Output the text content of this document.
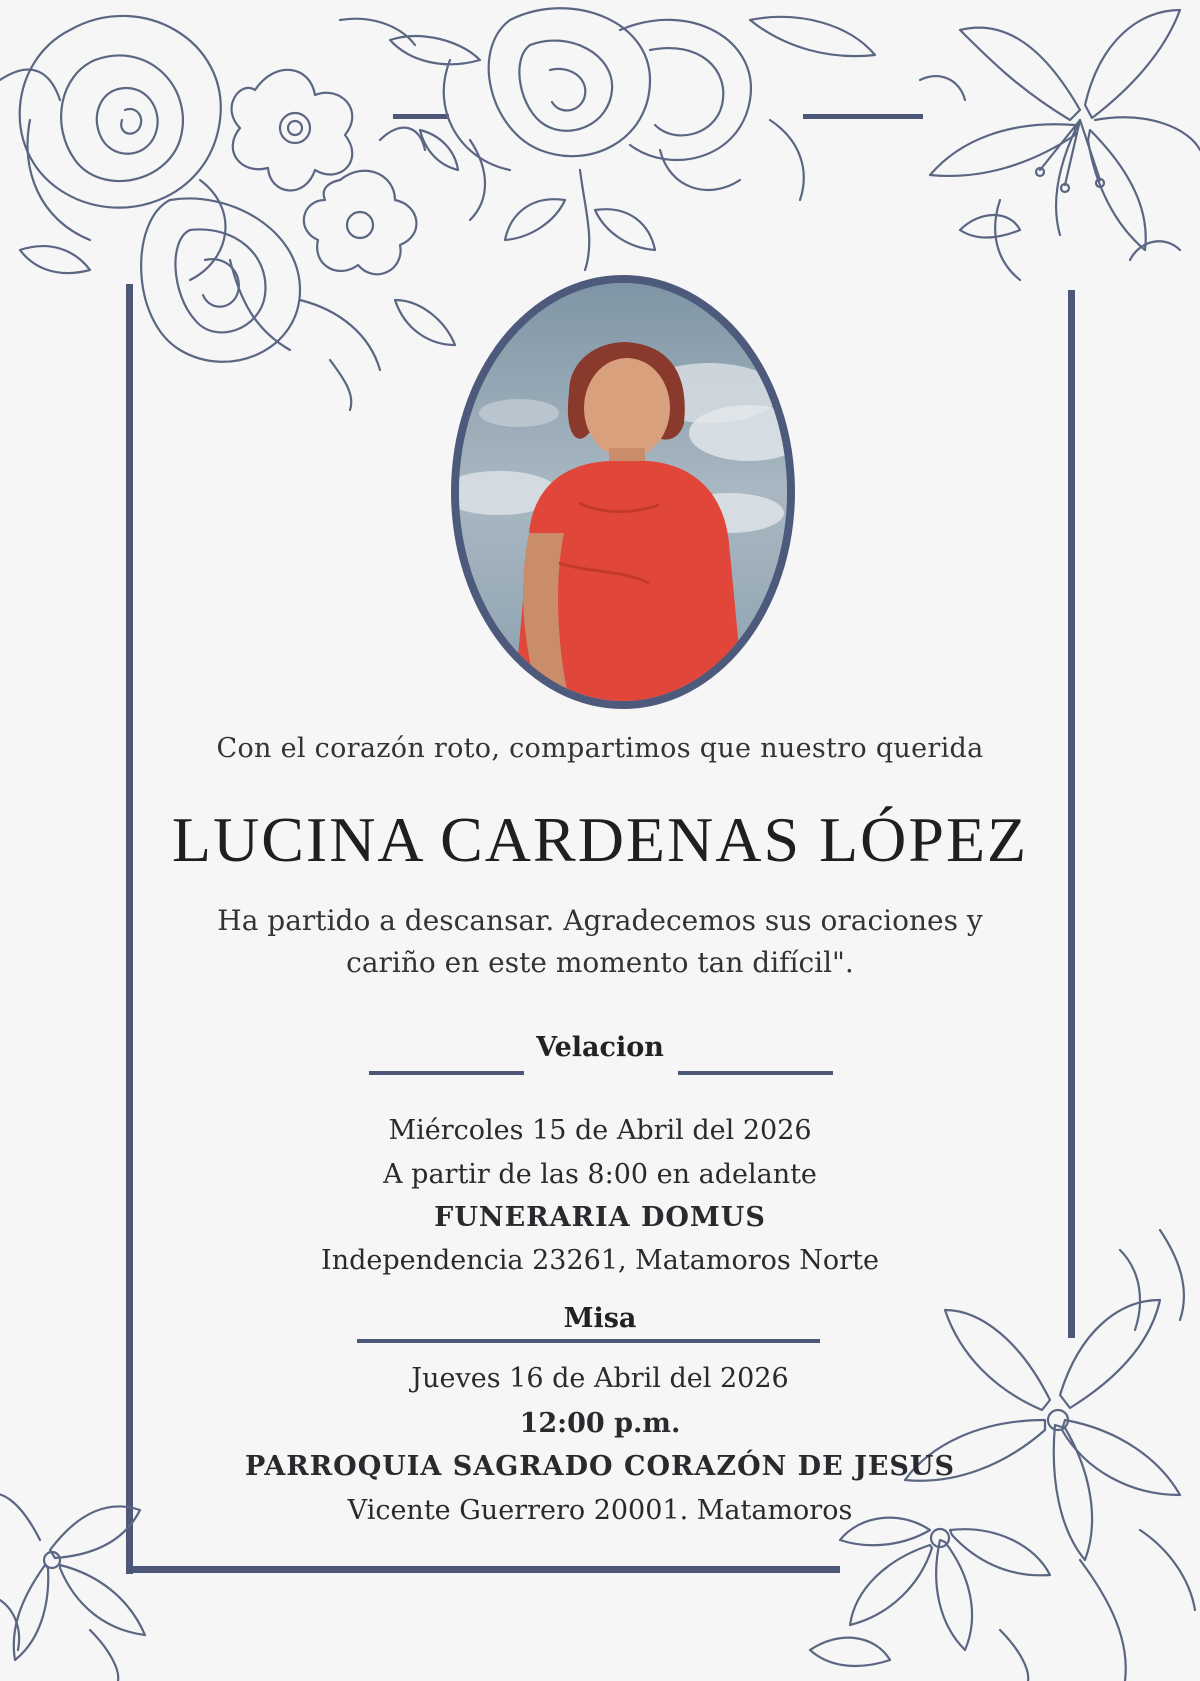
Con el corazón roto, compartimos que nuestro querida
LUCINA CARDENAS LÓPEZ
Ha partido a descansar. Agradecemos sus oraciones y
cariño en este momento tan difícil".
Velacion
Miércoles 15 de Abril del 2026
A partir de las 8:00 en adelante
FUNERARIA DOMUS
Independencia 23261, Matamoros Norte
Misa
Jueves 16 de Abril del 2026
12:00 p.m.
PARROQUIA SAGRADO CORAZÓN DE JESUS
Vicente Guerrero 20001. Matamoros
